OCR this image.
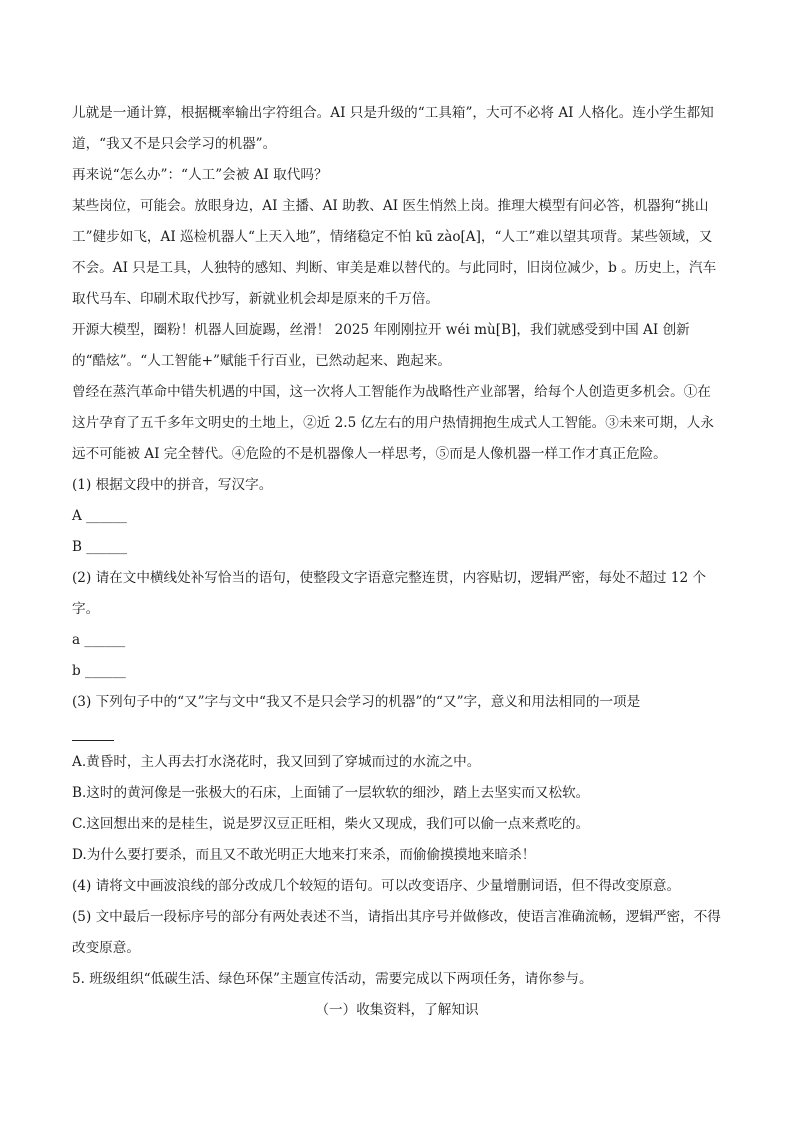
儿就是一通计算，根据概率输出字符组合。AI 只是升级的“工具箱”，大可不必将 AI 人格化。连小学生都知道，“我又不是只会学习的机器”。

再来说“怎么办”：“人工”会被 AI 取代吗？

某些岗位，可能会。放眼身边，AI 主播、AI 助教、AI 医生悄然上岗。推理大模型有问必答，机器狗“挑山工”健步如飞，AI 巡检机器人“上天入地”，情绪稳定不怕 kū zào[A]，“人工”难以望其项背。某些领域，又不会。AI 只是工具，人独特的感知、判断、审美是难以替代的。与此同时，旧岗位减少，b 。历史上，汽车取代马车、印刷术取代抄写，新就业机会却是原来的千万倍。

开源大模型，圈粉！机器人回旋踢，丝滑！ 2025 年刚刚拉开 wéi mù[B]，我们就感受到中国 AI 创新的“酷炫”。“人工智能+”赋能千行百业，已然动起来、跑起来。

曾经在蒸汽革命中错失机遇的中国，这一次将人工智能作为战略性产业部署，给每个人创造更多机会。①在这片孕育了五千多年文明史的土地上，②近 2.5 亿左右的用户热情拥抱生成式人工智能。③未来可期，人永远不可能被 AI 完全替代。④危险的不是机器像人一样思考，⑤而是人像机器一样工作才真正危险。

(1) 根据文段中的拼音，写汉字。

A ______

B ______

(2) 请在文中横线处补写恰当的语句，使整段文字语意完整连贯，内容贴切，逻辑严密，每处不超过 12 个字。

a ______

b ______

(3) 下列句子中的“又”字与文中“我又不是只会学习的机器”的“又”字，意义和用法相同的一项是

A.黄昏时，主人再去打水浇花时，我又回到了穿城而过的水流之中。

B.这时的黄河像是一张极大的石床，上面铺了一层软软的细沙，踏上去坚实而又松软。

C.这回想出来的是桂生，说是罗汉豆正旺相，柴火又现成，我们可以偷一点来煮吃的。

D.为什么要打要杀，而且又不敢光明正大地来打来杀，而偷偷摸摸地来暗杀！

(4) 请将文中画波浪线的部分改成几个较短的语句。可以改变语序、少量增删词语，但不得改变原意。

(5) 文中最后一段标序号的部分有两处表述不当，请指出其序号并做修改，使语言准确流畅，逻辑严密，不得改变原意。

5. 班级组织“低碳生活、绿色环保”主题宣传活动，需要完成以下两项任务，请你参与。

（一）收集资料，了解知识
